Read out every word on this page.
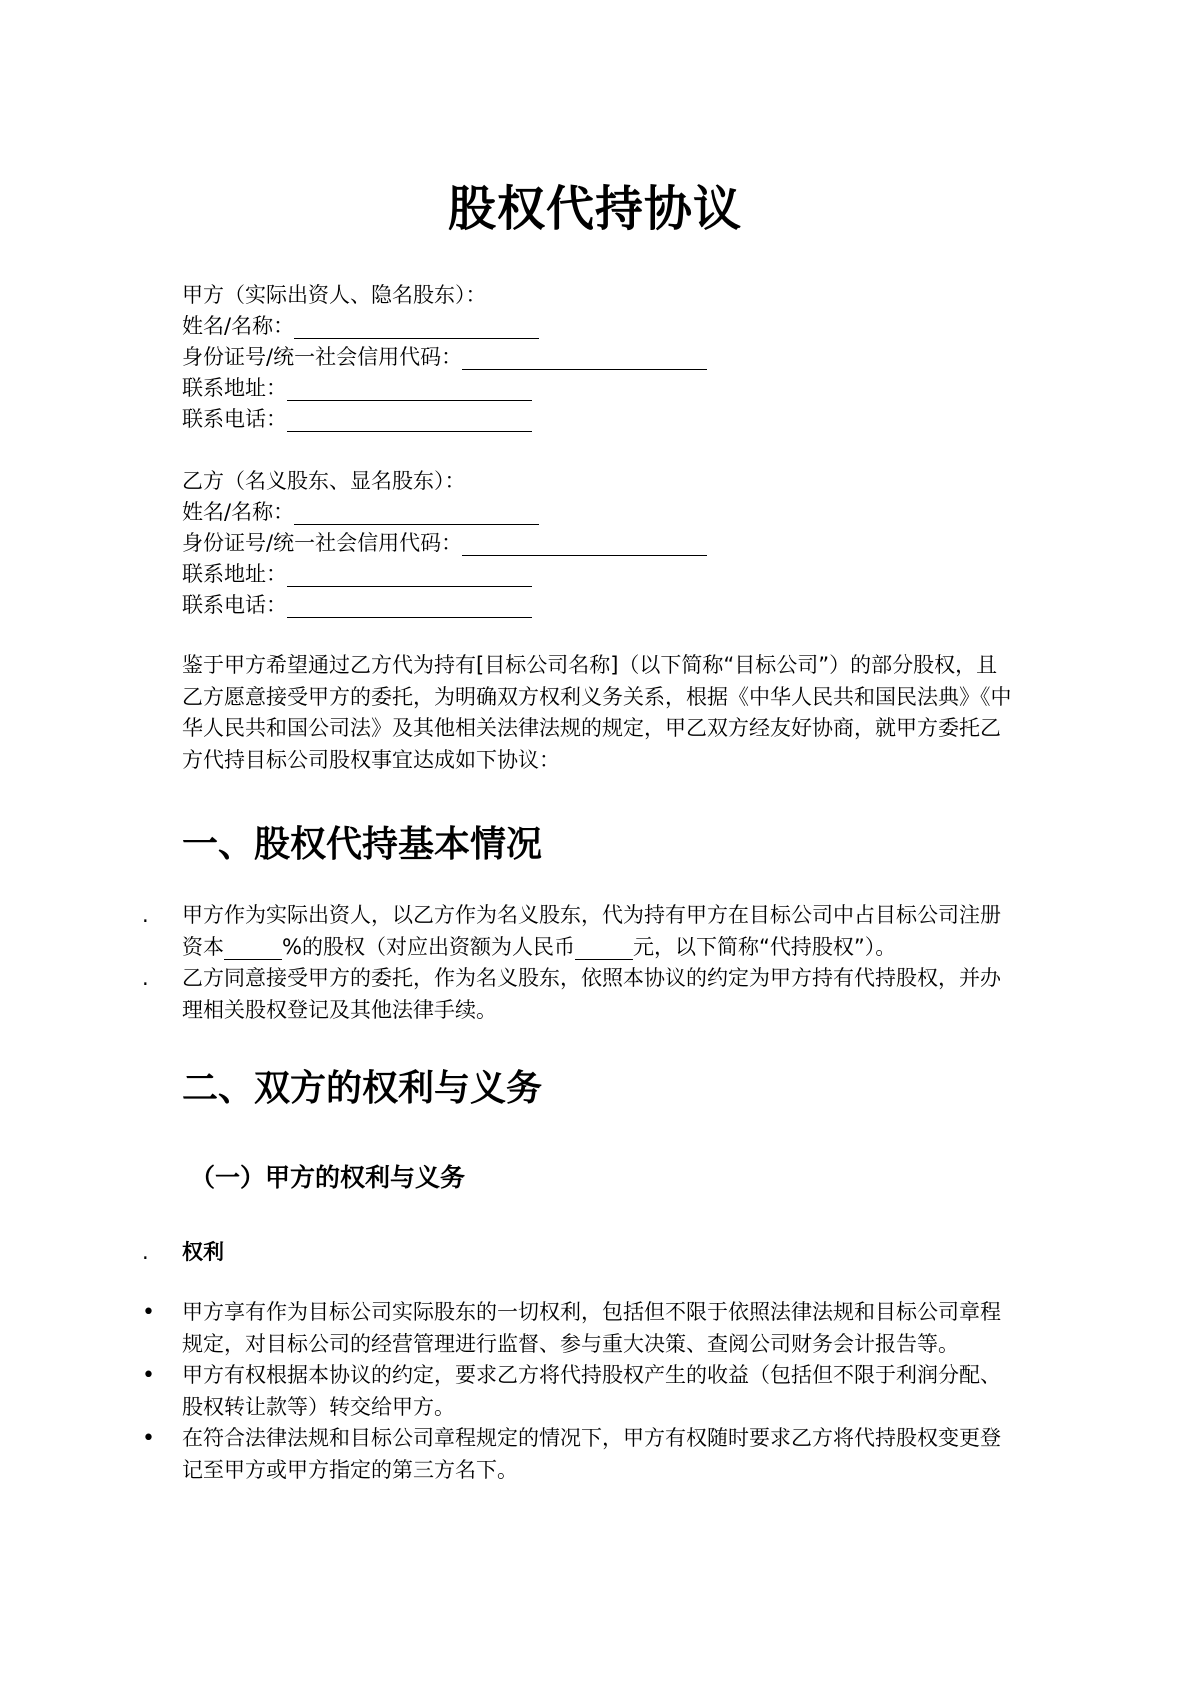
股权代持协议
甲方（实际出资人、隐名股东）：
姓名/名称：
身份证号/统一社会信用代码：
联系地址：
联系电话：
乙方（名义股东、显名股东）：
姓名/名称：
身份证号/统一社会信用代码：
联系地址：
联系电话：

鉴于甲方希望通过乙方代为持有[目标公司名称]（以下简称“目标公司”）的部分股权，且乙方愿意接受甲方的委托，为明确双方权利义务关系，根据《中华人民共和国民法典》《中华人民共和国公司法》及其他相关法律法规的规定，甲乙双方经友好协商，就甲方委托乙方代持目标公司股权事宜达成如下协议：

一、股权代持基本情况
. 甲方作为实际出资人，以乙方作为名义股东，代为持有甲方在目标公司中占目标公司注册资本	%的股权（对应出资额为人民币	元，以下简称“代持股权”）。
. 乙方同意接受甲方的委托，作为名义股东，依照本协议的约定为甲方持有代持股权，并办理相关股权登记及其他法律手续。
二、双方的权利与义务
（一）甲方的权利与义务
. 权利
• 甲方享有作为目标公司实际股东的一切权利，包括但不限于依照法律法规和目标公司章程规定，对目标公司的经营管理进行监督、参与重大决策、查阅公司财务会计报告等。
• 甲方有权根据本协议的约定，要求乙方将代持股权产生的收益（包括但不限于利润分配、股权转让款等）转交给甲方。
• 在符合法律法规和目标公司章程规定的情况下，甲方有权随时要求乙方将代持股权变更登记至甲方或甲方指定的第三方名下。
